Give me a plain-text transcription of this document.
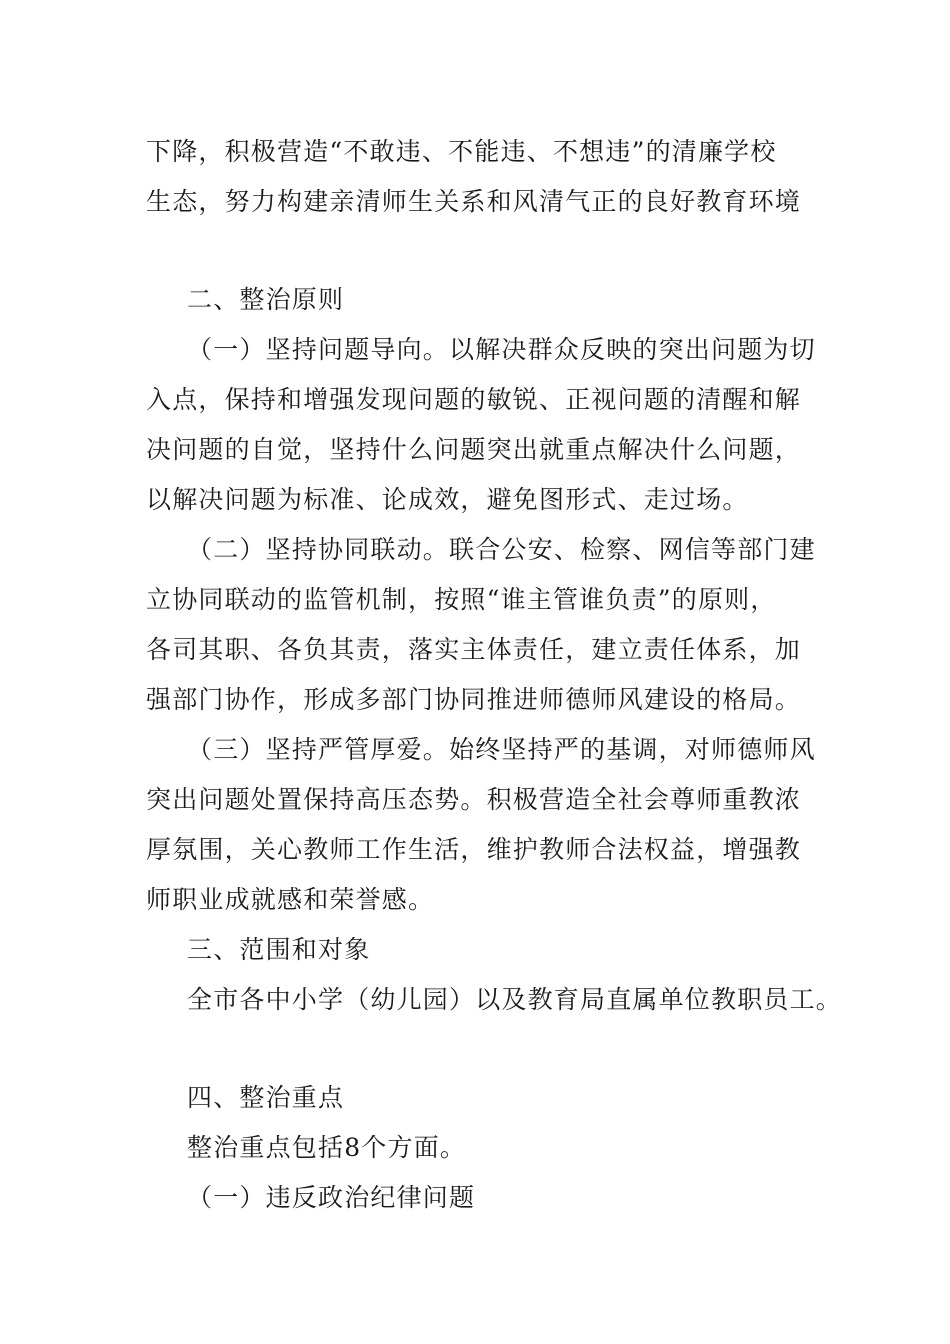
下降，积极营造“不敢违、不能违、不想违”的清廉学校
生态，努力构建亲清师生关系和风清气正的良好教育环境
二、整治原则
（一）坚持问题导向。以解决群众反映的突出问题为切
入点，保持和增强发现问题的敏锐、正视问题的清醒和解
决问题的自觉，坚持什么问题突出就重点解决什么问题，
以解决问题为标准、论成效，避免图形式、走过场。
（二）坚持协同联动。联合公安、检察、网信等部门建
立协同联动的监管机制，按照“谁主管谁负责”的原则，
各司其职、各负其责，落实主体责任，建立责任体系，加
强部门协作，形成多部门协同推进师德师风建设的格局。
（三）坚持严管厚爱。始终坚持严的基调，对师德师风
突出问题处置保持高压态势。积极营造全社会尊师重教浓
厚氛围，关心教师工作生活，维护教师合法权益，增强教
师职业成就感和荣誉感。
三、范围和对象
全市各中小学（幼儿园）以及教育局直属单位教职员工。
四、整治重点
整治重点包括8个方面。
（一）违反政治纪律问题
